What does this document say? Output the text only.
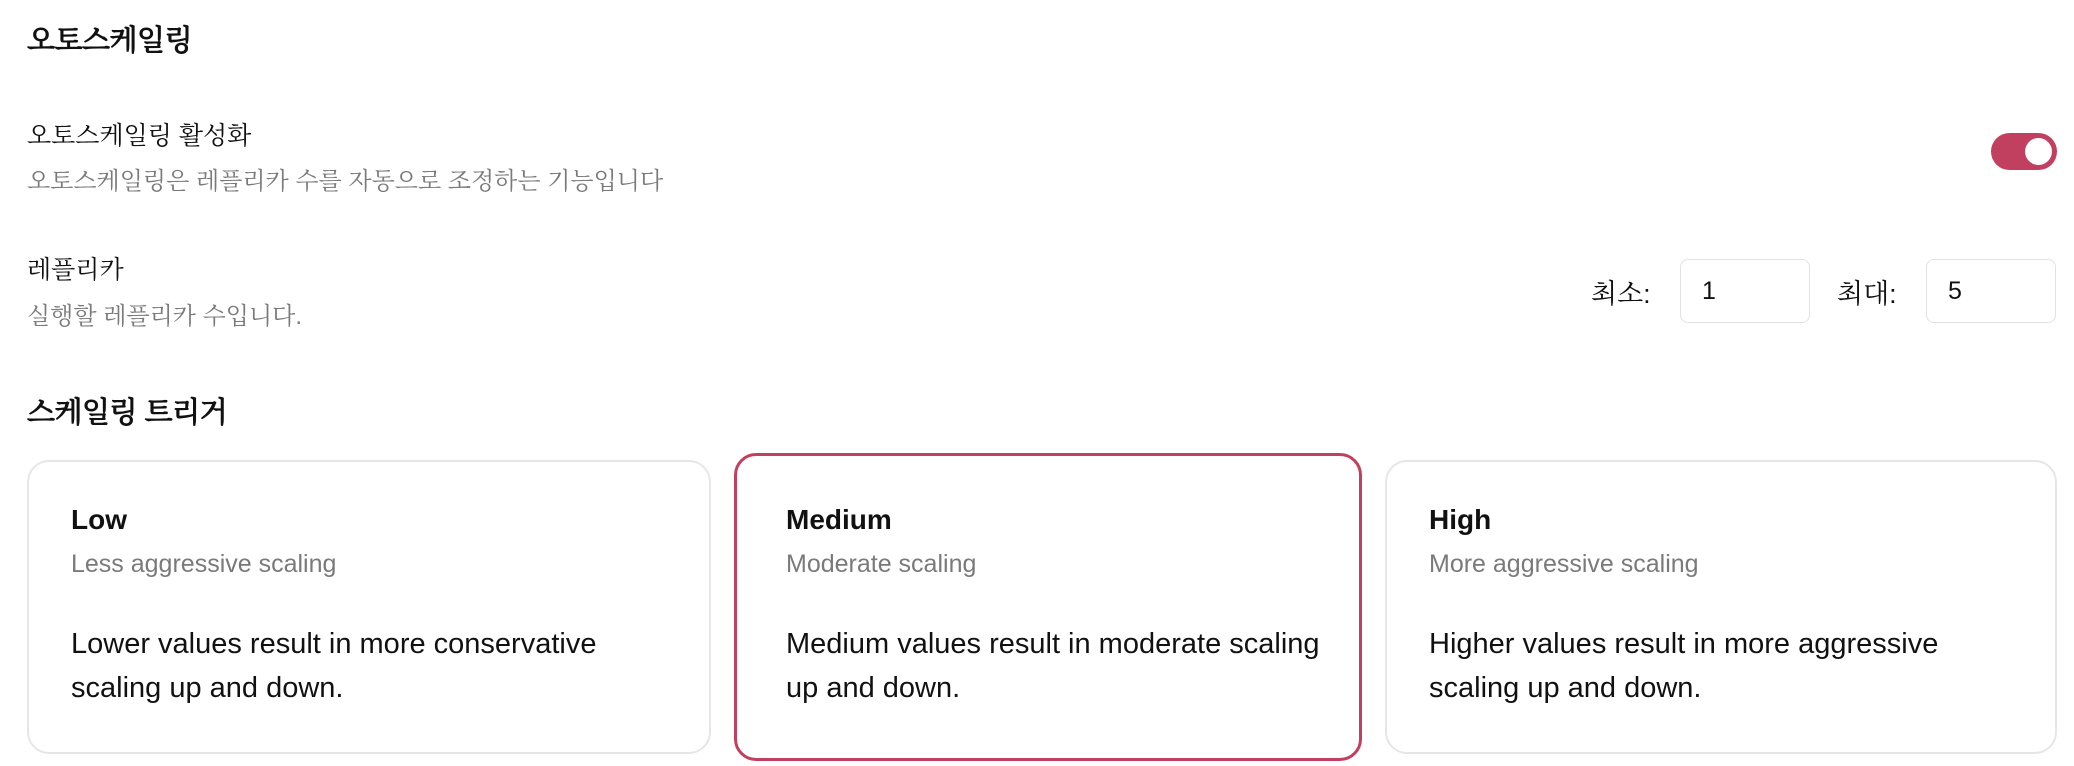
오토스케일링
오토스케일링 활성화
오토스케일링은 레플리카 수를 자동으로 조정하는 기능입니다
레플리카
실행할 레플리카 수입니다.
최소:
1	최대:
5
스케일링 트리거
Low
Less aggressive scaling
Lower values result in more conservative scaling up and down.
Medium
Moderate scaling
Medium values result in moderate scaling up and down.
High
More aggressive scaling
Higher values result in more aggressive scaling up and down.
